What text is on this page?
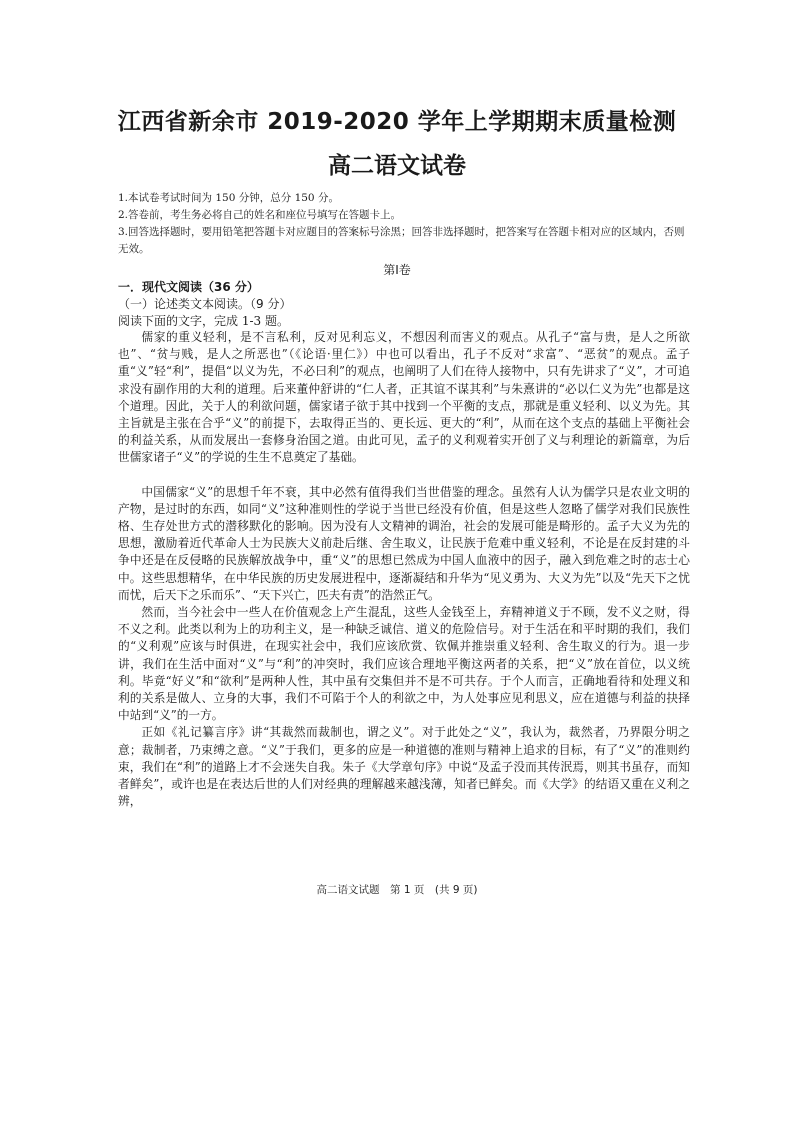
江西省新余市 2019-2020 学年上学期期末质量检测
高二语文试卷
1.本试卷考试时间为 150 分钟，总分 150 分。
2.答卷前，考生务必将自己的姓名和座位号填写在答题卡上。
3.回答选择题时，要用铅笔把答题卡对应题目的答案标号涂黑；回答非选择题时，把答案写在答题卡相对应的区域内，否则无效。
第Ⅰ卷
一．现代文阅读（36 分）
（一）论述类文本阅读。（9 分）
阅读下面的文字，完成 1-3 题。

儒家的重义轻利，是不言私利，反对见利忘义，不想因利而害义的观点。从孔子“富与贵，是人之所欲也”、“贫与贱，是人之所恶也”（《论语·里仁》）中也可以看出，孔子不反对“求富”、“恶贫”的观点。孟子重“义”轻“利”，提倡“以义为先，不必曰利”的观点，也阐明了人们在待人接物中，只有先讲求了“义”，才可追求没有副作用的大利的道理。后来董仲舒讲的“仁人者，正其谊不谋其利”与朱熹讲的“必以仁义为先”也都是这个道理。因此，关于人的利欲问题，儒家诸子欲于其中找到一个平衡的支点，那就是重义轻利、以义为先。其主旨就是主张在合乎“义”的前提下，去取得正当的、更长远、更大的“利”，从而在这个支点的基础上平衡社会的利益关系，从而发展出一套修身治国之道。由此可见，孟子的义利观着实开创了义与利理论的新篇章，为后世儒家诸子“义”的学说的生生不息奠定了基础。

中国儒家“义”的思想千年不衰，其中必然有值得我们当世借鉴的理念。虽然有人认为儒学只是农业文明的产物，是过时的东西，如同“义”这种准则性的学说于当世已经没有价值，但是这些人忽略了儒学对我们民族性格、生存处世方式的潜移默化的影响。因为没有人文精神的调治，社会的发展可能是畸形的。孟子大义为先的思想，激励着近代革命人士为民族大义前赴后继、舍生取义，让民族于危难中重义轻利，不论是在反封建的斗争中还是在反侵略的民族解放战争中，重“义”的思想已然成为中国人血液中的因子，融入到危难之时的志士心中。这些思想精华，在中华民族的历史发展进程中，逐渐凝结和升华为“见义勇为、大义为先”以及“先天下之忧而忧，后天下之乐而乐”、“天下兴亡，匹夫有责”的浩然正气。

然而，当今社会中一些人在价值观念上产生混乱，这些人金钱至上，弃精神道义于不顾，发不义之财，得不义之利。此类以利为上的功利主义，是一种缺乏诚信、道义的危险信号。对于生活在和平时期的我们，我们的“义利观”应该与时俱进，在现实社会中，我们应该欣赏、钦佩并推崇重义轻利、舍生取义的行为。退一步讲，我们在生活中面对“义”与“利”的冲突时，我们应该合理地平衡这两者的关系，把“义”放在首位，以义统利。毕竟“好义”和“欲利”是两种人性，其中虽有交集但并不是不可共存。于个人而言，正确地看待和处理义和利的关系是做人、立身的大事，我们不可陷于个人的利欲之中，为人处事应见利思义，应在道德与利益的抉择中站到“义”的一方。

正如《礼记纂言序》讲“其裁然而裁制也，谓之义”。对于此处之“义”，我认为，裁然者，乃界限分明之意；裁制者，乃束缚之意。“义”于我们，更多的应是一种道德的准则与精神上追求的目标，有了“义”的准则约束，我们在“利”的道路上才不会迷失自我。朱子《大学章句序》中说“及孟子没而其传泯焉，则其书虽存，而知者鲜矣”，或许也是在表达后世的人们对经典的理解越来越浅薄，知者已鲜矣。而《大学》的结语又重在义利之辨，

高二语文试题　第 1 页　(共 9 页)
